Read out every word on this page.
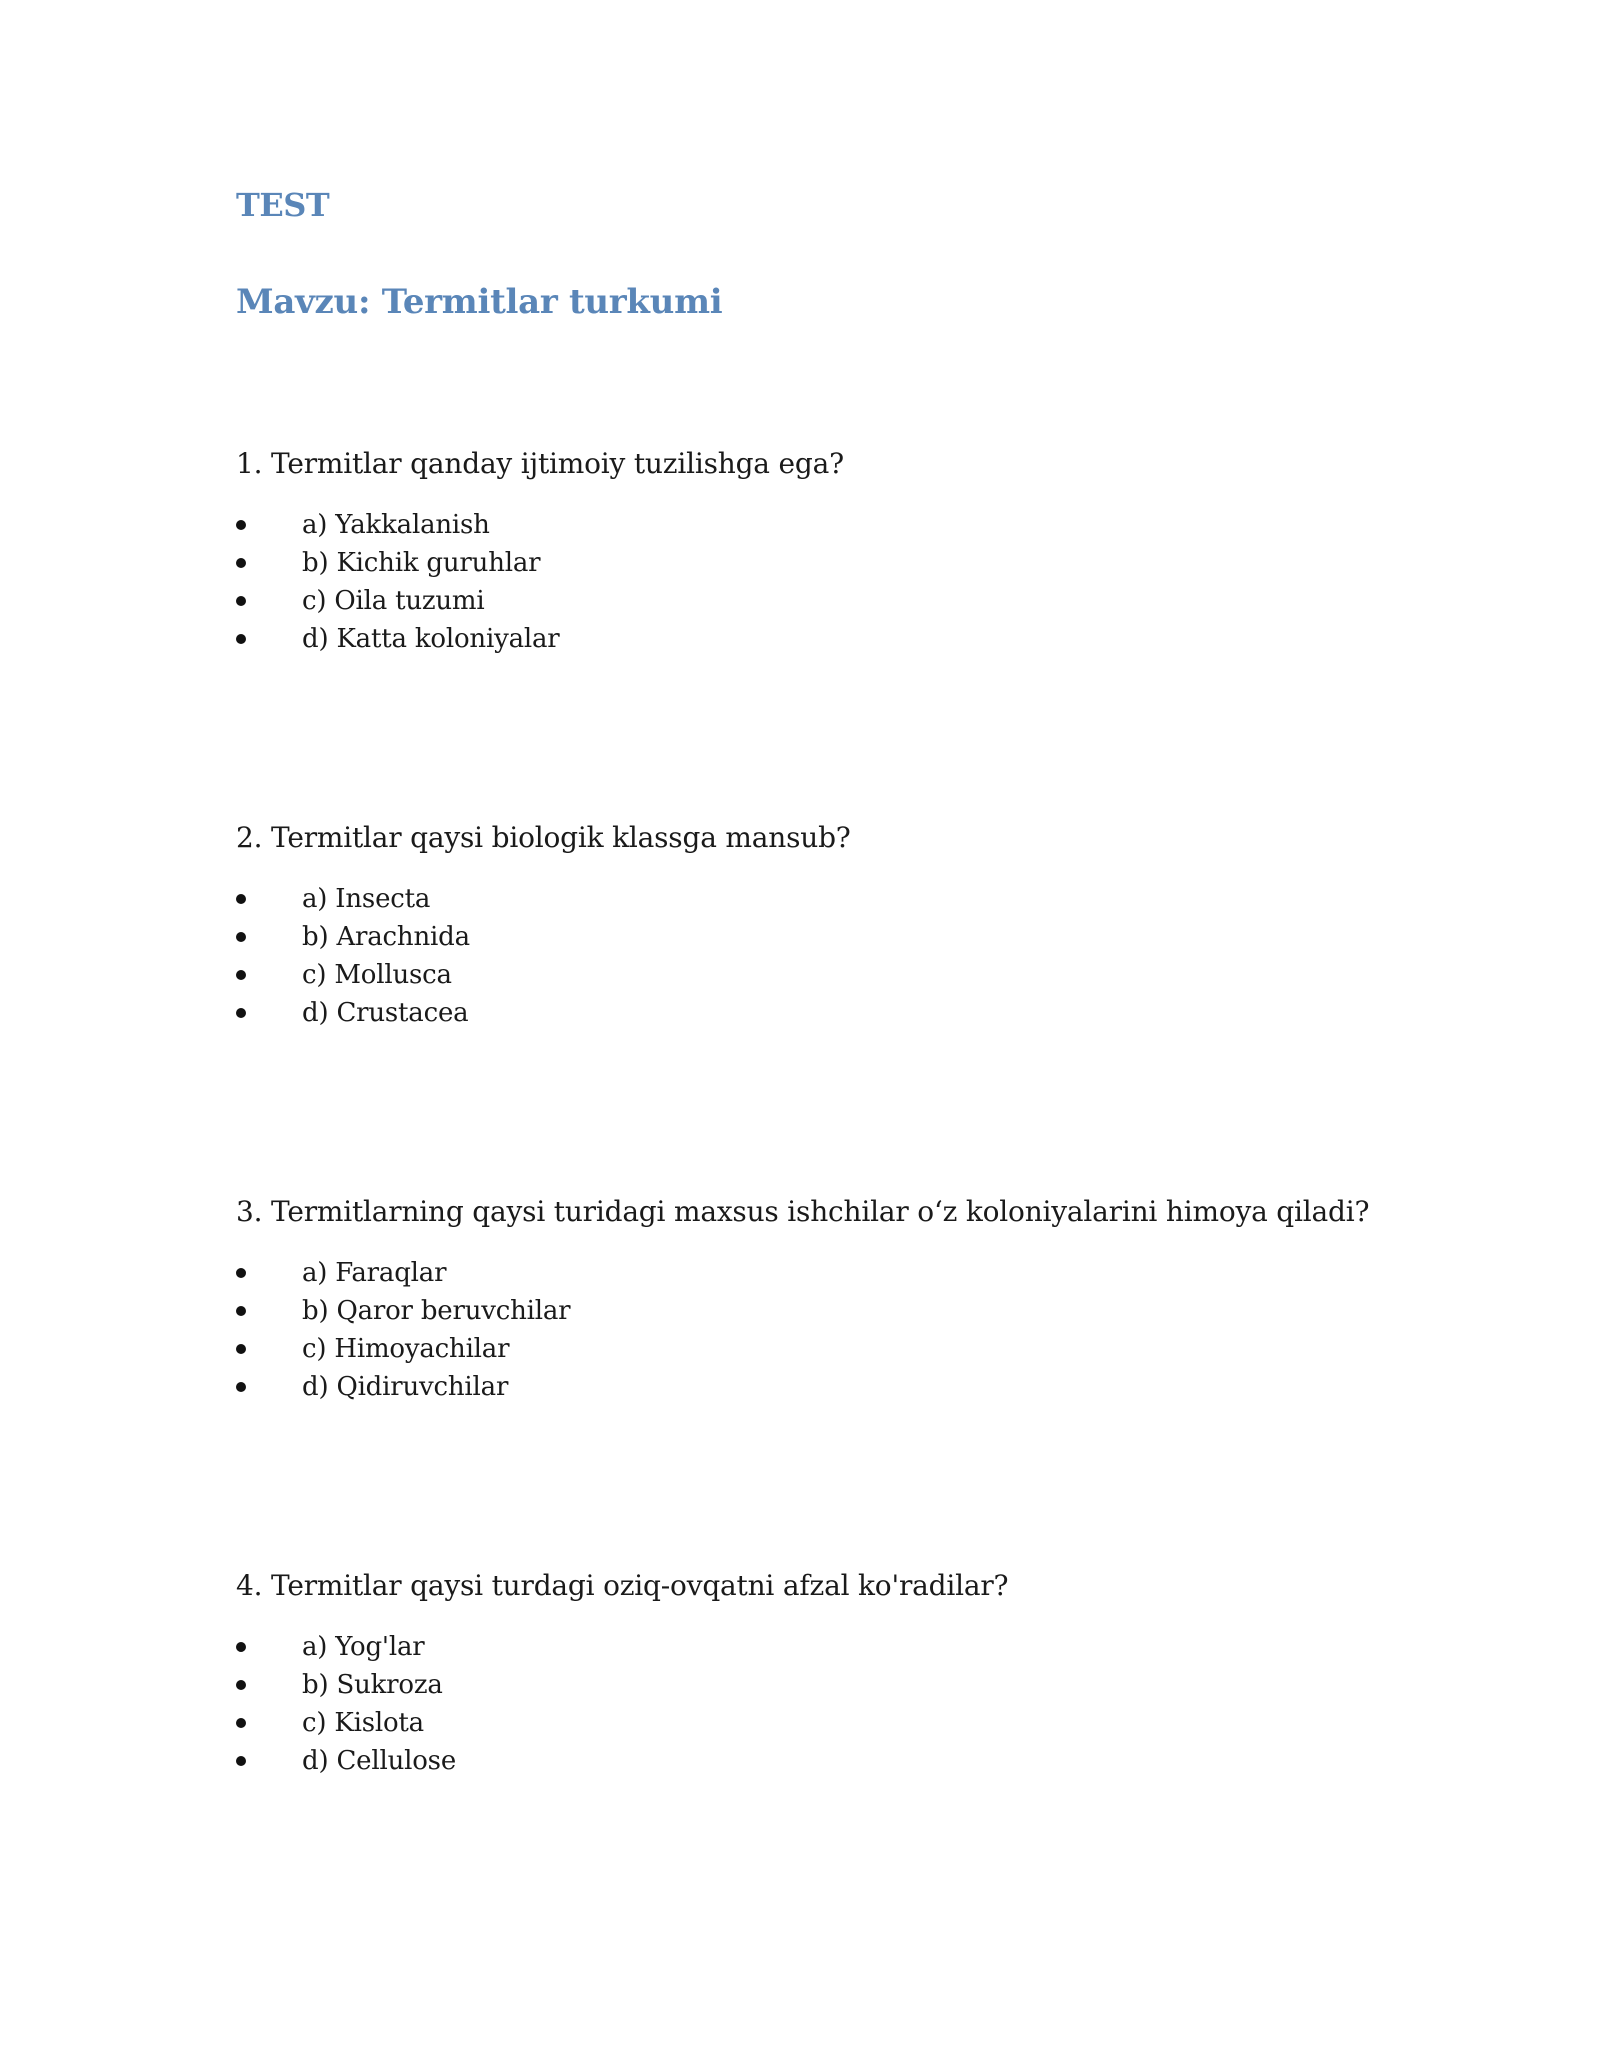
TEST
Mavzu: Termitlar turkumi

1. Termitlar qanday ijtimoiy tuzilishga ega?

a) Yakkalanish
b) Kichik guruhlar
c) Oila tuzumi
d) Katta koloniyalar

2. Termitlar qaysi biologik klassga mansub?

a) Insecta
b) Arachnida
c) Mollusca
d) Crustacea

3. Termitlarning qaysi turidagi maxsus ishchilar o‘z koloniyalarini himoya qiladi?

a) Faraqlar
b) Qaror beruvchilar
c) Himoyachilar
d) Qidiruvchilar

4. Termitlar qaysi turdagi oziq-ovqatni afzal ko'radilar?

a) Yog'lar
b) Sukroza
c) Kislota
d) Cellulose
